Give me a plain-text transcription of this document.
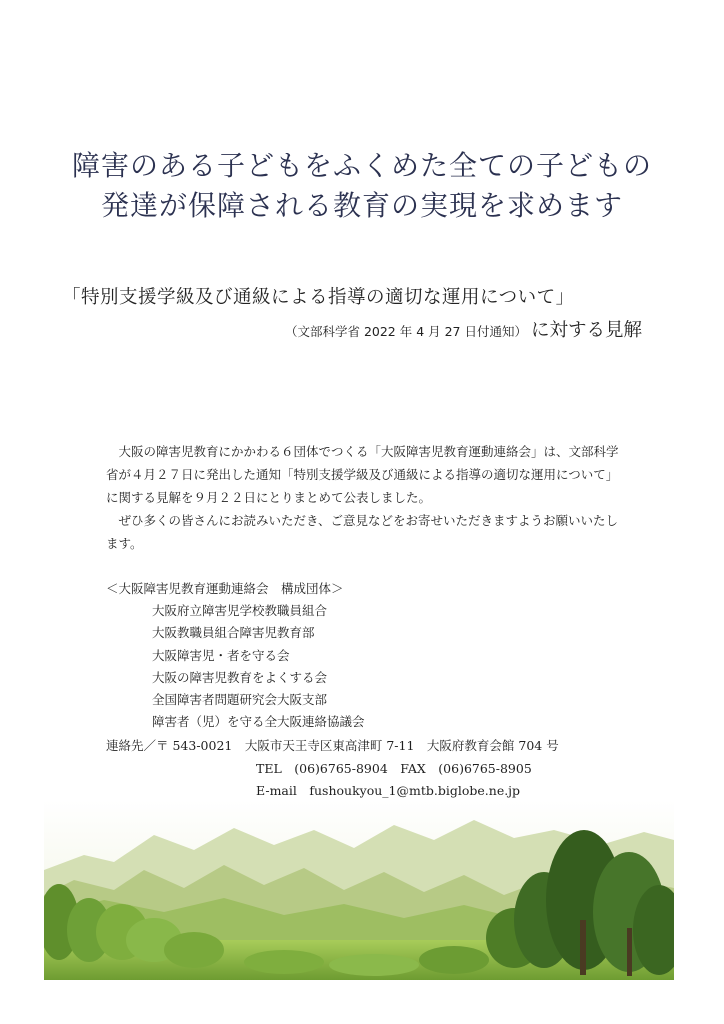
障害のある子どもをふくめた全ての子どもの
発達が保障される教育の実現を求めます
「特別支援学級及び通級による指導の適切な運用について」
（文部科学省 2022 年 4 月 27 日付通知） に対する見解

大阪の障害児教育にかかわる６団体でつくる「大阪障害児教育運動連絡会」は、文部科学省が４月２７日に発出した通知「特別支援学級及び通級による指導の適切な運用について」に関する見解を９月２２日にとりまとめて公表しました。

ぜひ多くの皆さんにお読みいただき、ご意見などをお寄せいただきますようお願いいたします。

＜大阪障害児教育運動連絡会　構成団体＞
大阪府立障害児学校教職員組合
大阪教職員組合障害児教育部
大阪障害児・者を守る会
大阪の障害児教育をよくする会
全国障害者問題研究会大阪支部
障害者（児）を守る全大阪連絡協議会
連絡先／〒 543-0021　大阪市天王寺区東高津町 7-11　大阪府教育会館 704 号
TEL　(06)6765-8904　FAX　(06)6765-8905
E-mail　fushoukyou_1@mtb.biglobe.ne.jp
